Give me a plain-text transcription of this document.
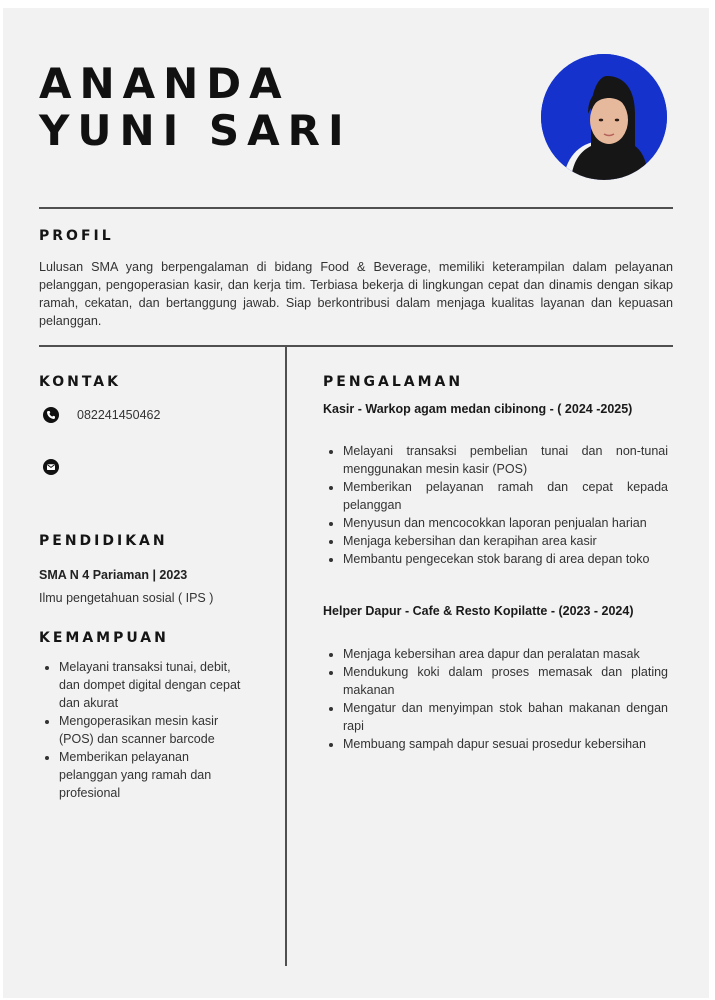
ANANDA
YUNI SARI
PROFIL
Lulusan SMA yang berpengalaman di bidang Food & Beverage, memiliki keterampilan dalam pelayanan pelanggan, pengoperasian kasir, dan kerja tim. Terbiasa bekerja di lingkungan cepat dan dinamis dengan sikap ramah, cekatan, dan bertanggung jawab. Siap berkontribusi dalam menjaga kualitas layanan dan kepuasan pelanggan.
KONTAK
082241450462
PENDIDIKAN
SMA N 4 Pariaman | 2023
Ilmu pengetahuan sosial ( IPS )
KEMAMPUAN
• Melayani transaksi tunai, debit, dan dompet digital dengan cepat dan akurat
• Mengoperasikan mesin kasir (POS) dan scanner barcode
• Memberikan pelayanan pelanggan yang ramah dan profesional
PENGALAMAN
Kasir - Warkop agam medan cibinong - ( 2024 -2025)
• Melayani transaksi pembelian tunai dan non-tunai menggunakan mesin kasir (POS)
• Memberikan pelayanan ramah dan cepat kepada pelanggan
• Menyusun dan mencocokkan laporan penjualan harian
• Menjaga kebersihan dan kerapihan area kasir
• Membantu pengecekan stok barang di area depan toko
Helper Dapur - Cafe & Resto Kopilatte - (2023 - 2024)
• Menjaga kebersihan area dapur dan peralatan masak
• Mendukung koki dalam proses memasak dan plating makanan
• Mengatur dan menyimpan stok bahan makanan dengan rapi
• Membuang sampah dapur sesuai prosedur kebersihan
